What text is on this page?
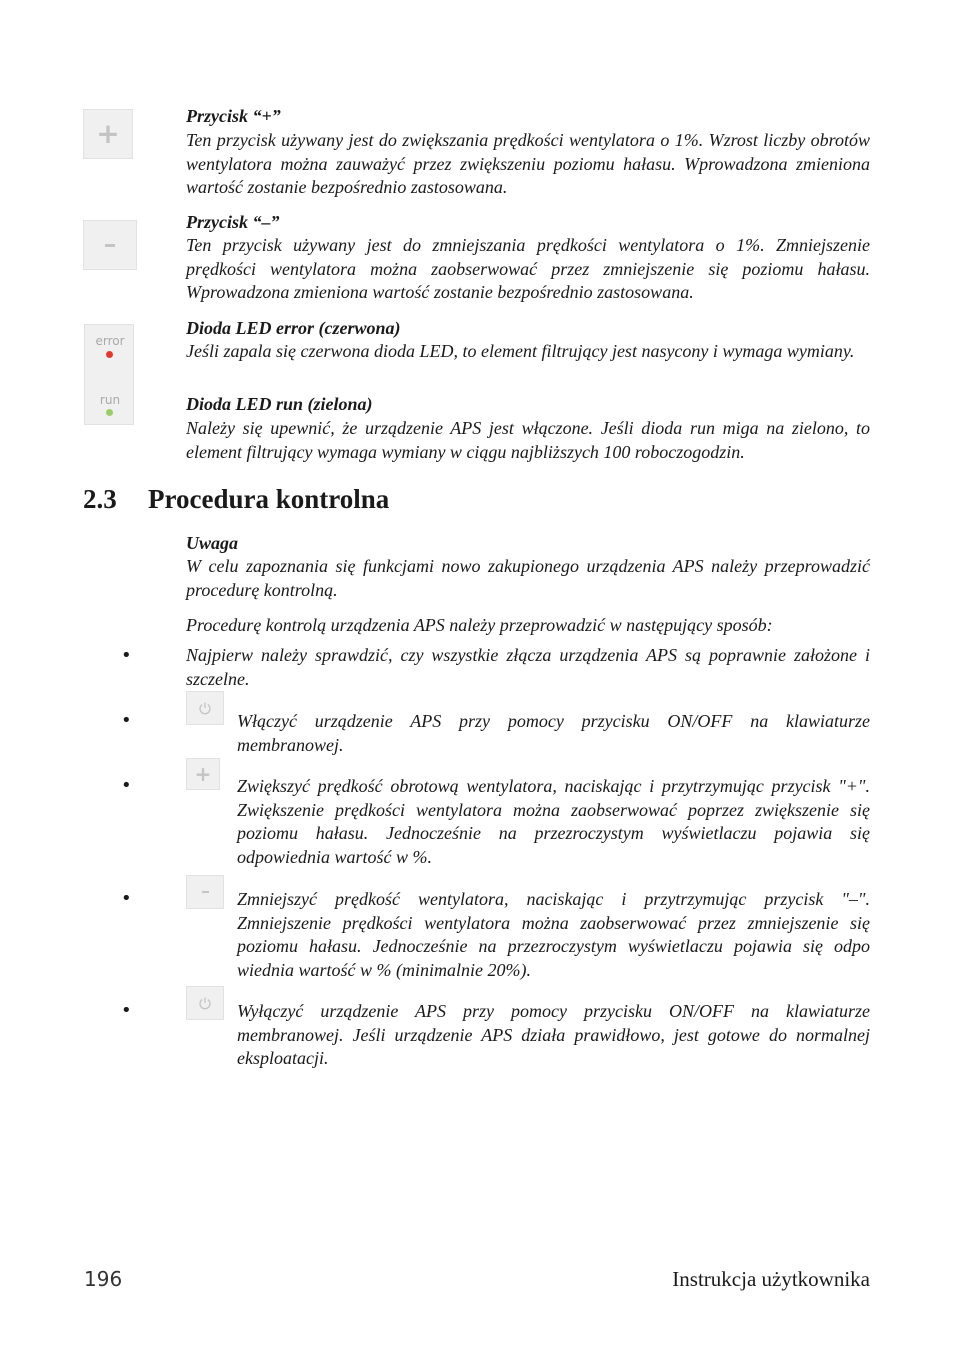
+
error
run
Przycisk “+”
Ten przycisk używany jest do zwiększania prędkości wentylatora o 1%. Wzrost liczby obrotów wentylatora można zauważyć przez zwiększeniu poziomu hałasu. Wprowadzona zmieniona wartość zostanie bezpośrednio zastosowana.
Przycisk “–”
Ten przycisk używany jest do zmniejszania prędkości wentylatora o 1%. Zmniejszenie prędkości wentylatora można zaobserwować przez zmniejszenie się poziomu hałasu. Wprowadzona zmieniona wartość zostanie bezpośrednio zastosowana.
Dioda LED error (czerwona)
Jeśli zapala się czerwona dioda LED, to element filtrujący jest nasycony i wymaga wymiany.
Dioda LED run (zielona)
Należy się upewnić, że urządzenie APS jest włączone. Jeśli dioda run miga na zielono, to element filtrujący wymaga wymiany w ciągu najbliższych 100 roboczogodzin.
2.3 Procedura kontrolna
Uwaga
W celu zapoznania się funkcjami nowo zakupionego urządzenia APS należy przeprowadzić procedurę kontrolną.
Procedurę kontrolą urządzenia APS należy przeprowadzić w następujący sposób:
•	Najpierw należy sprawdzić, czy wszystkie złącza urządzenia APS są poprawnie założone i szczelne.
•	Włączyć urządzenie APS przy pomocy przycisku ON/OFF na klawiaturze membranowej.
•	+ Zwiększyć prędkość obrotową wentylatora, naciskając i przytrzymując przycisk "+". Zwiększenie prędkości wentylatora można zaobserwować poprzez zwiększenie się poziomu hałasu. Jednocześnie na przezroczystym wyświetlaczu pojawia się odpowiednia wartość w %.
•	Zmniejszyć prędkość wentylatora, naciskając i przytrzymując przycisk "–". Zmniejszenie prędkości wentylatora można zaobserwować przez zmniejszenie się poziomu hałasu. Jednocześnie na przezroczystym wyświetlaczu pojawia się odpo wiednia wartość w % (minimalnie 20%).
•	Wyłączyć urządzenie APS przy pomocy przycisku ON/OFF na klawiaturze membranowej. Jeśli urządzenie APS działa prawidłowo, jest gotowe do normalnej eksploatacji.
196	Instrukcja użytkownika
